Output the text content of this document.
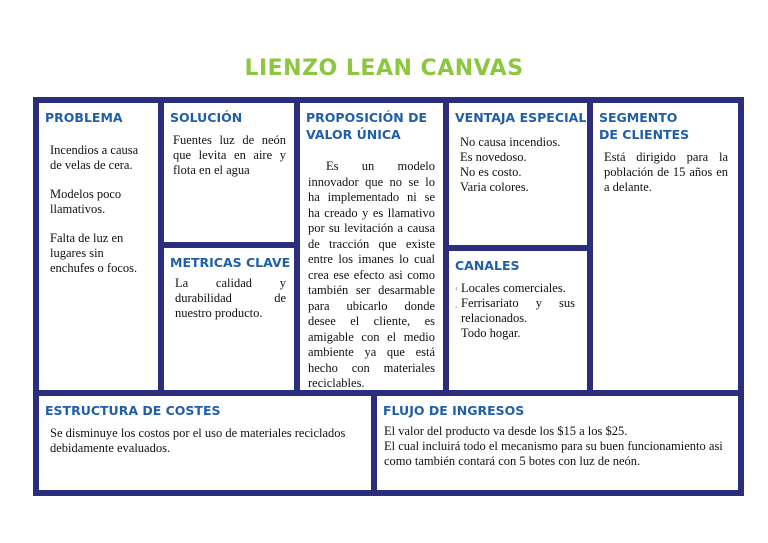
LIENZO LEAN CANVAS
PROBLEMA

Incendios a causa de velas de cera.

Modelos poco llamativos.

Falta de luz en lugares sin enchufes o focos.

SOLUCIÓN

Fuentes luz de neón que levita en aire y flota en el agua

METRICAS CLAVE

La calidad y durabilidad de nuestro producto.

PROPOSICIÓN DE
VALOR ÚNICA

Es un modelo innovador que no se lo ha implementado ni se ha creado y es llamativo por su levitación a causa de tracción que existe entre los imanes lo cual crea ese efecto asi como también ser desarmable para ubicarlo donde desee el cliente, es amigable con el medio ambiente ya que está hecho con materiales reciclables.

VENTAJA ESPECIAL

No causa incendios.

Es novedoso.

No es costo.

Varia colores.

CANALES
‹ Locales comerciales.

, Ferrisariato y sus relacionados.

Todo hogar.

SEGMENTO
DE CLIENTES

Está dirigido para la población de 15 años en a delante.

ESTRUCTURA DE COSTES

Se disminuye los costos por el uso de materiales reciclados debidamente evaluados.

FLUJO DE INGRESOS

El valor del producto va desde los $15 a los $25.

El cual incluirá todo el mecanismo para su buen funcionamiento asi como también contará con 5 botes con luz de neón.
